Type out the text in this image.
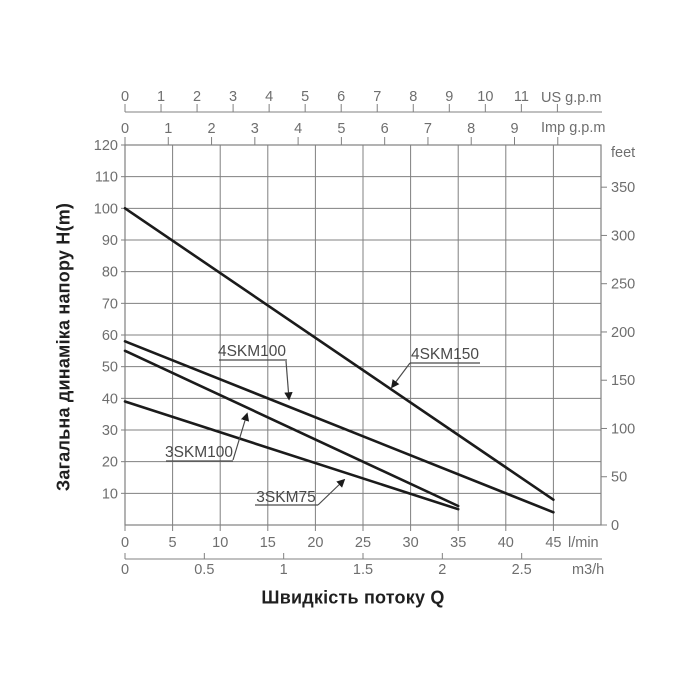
120
110
100
90
80
70
60
50
40
30
20
10
350
300
250
200
150
100
50
0
feet
0 1 2 3 4 5 6 7 8 9 10 11 US g.p.m
0 1 2 3 4 5 6 7 8 9 Imp g.p.m
0	5 10 15 20 25 30 35 40 45 l/min
0	0.5	1	1.5	2	2.5	m3/h
4SKM100	4SKM150
3SKM100
3SKM75
Загальна динаміка напору H(m)
Швидкість потоку Q
